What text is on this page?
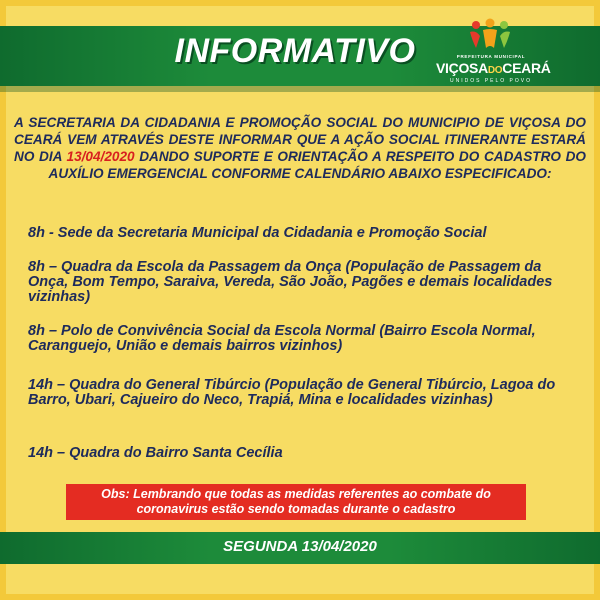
INFORMATIVO	PREFEITURA MUNICIPAL
VIÇOSADOCEARÁ
UNIDOS PELO POVO
A SECRETARIA DA CIDADANIA E PROMOÇÃO SOCIAL DO MUNICIPIO DE VIÇOSA DO CEARÁ VEM ATRAVÉS DESTE INFORMAR QUE A AÇÃO SOCIAL ITINERANTE ESTARÁ NO DIA 13/04/2020 DANDO SUPORTE E ORIENTAÇÃO A RESPEITO DO CADASTRO DO AUXÍLIO EMERGENCIAL CONFORME CALENDÁRIO ABAIXO ESPECIFICADO:
8h - Sede da Secretaria Municipal da Cidadania e Promoção Social
8h – Quadra da Escola da Passagem da Onça (População de Passagem da Onça, Bom Tempo, Saraiva, Vereda, São João, Pagões e demais localidades vizinhas)
8h – Polo de Convivência Social da Escola Normal (Bairro Escola Normal, Caranguejo, União e demais bairros vizinhos)
14h – Quadra do General Tibúrcio (População de General Tibúrcio, Lagoa do Barro, Ubari, Cajueiro do Neco, Trapiá, Mina e localidades vizinhas)
14h – Quadra do Bairro Santa Cecília
Obs: Lembrando que todas as medidas referentes ao combate do coronavirus estão sendo tomadas durante o cadastro
SEGUNDA 13/04/2020
